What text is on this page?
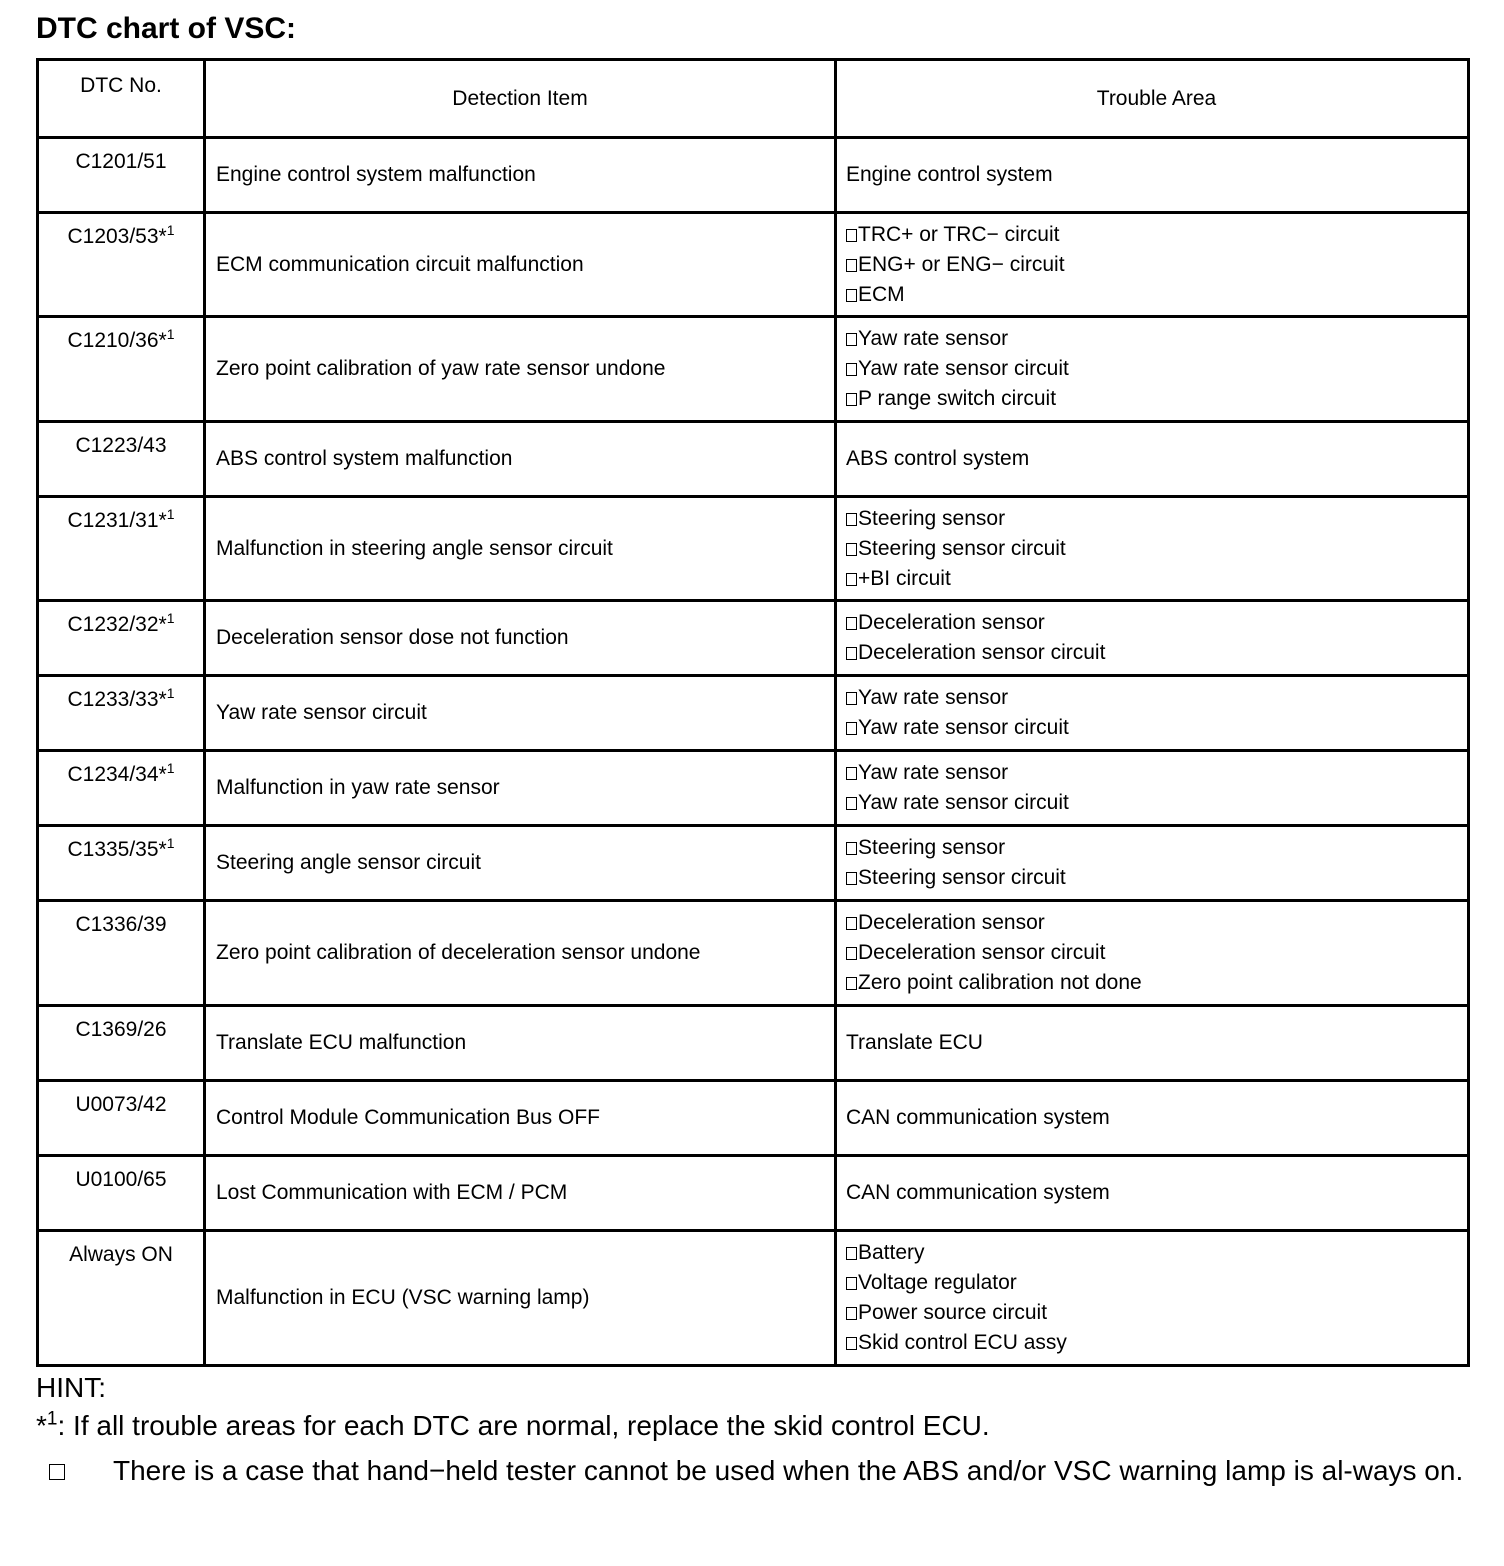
DTC chart of VSC:
DTC No.	Detection Item	Trouble Area
C1201/51	Engine control system malfunction	Engine control system

C1203/53*$^1$	ECM communication circuit malfunction	TRC+ or TRC− circuit
ENG+ or ENG− circuit
ECM

C1210/36*$^1$	Zero point calibration of yaw rate sensor undone	Yaw rate sensor
Yaw rate sensor circuit
P range switch circuit

C1223/43	ABS control system malfunction	ABS control system

C1231/31*$^1$	Malfunction in steering angle sensor circuit	Steering sensor
Steering sensor circuit
+BI circuit

C1232/32*$^1$	Deceleration sensor dose not function	Deceleration sensor
Deceleration sensor circuit

C1233/33*$^1$	Yaw rate sensor circuit	Yaw rate sensor
Yaw rate sensor circuit

C1234/34*$^1$	Malfunction in yaw rate sensor	Yaw rate sensor
Yaw rate sensor circuit

C1335/35*$^1$	Steering angle sensor circuit	Steering sensor
Steering sensor circuit

C1336/39	Zero point calibration of deceleration sensor undone	Deceleration sensor
Deceleration sensor circuit
Zero point calibration not done

C1369/26	Translate ECU malfunction	Translate ECU

U0073/42	Control Module Communication Bus OFF	CAN communication system

U0100/65	Lost Communication with ECM / PCM	CAN communication system

Always ON	Malfunction in ECU (VSC warning lamp)	Battery
Voltage regulator
Power source circuit
Skid control ECU assy
HINT:
*$^1$: If all trouble areas for each DTC are normal, replace the skid control ECU.
There is a case that hand−held tester cannot be used when the ABS and/or VSC warning lamp is al-ways on.
